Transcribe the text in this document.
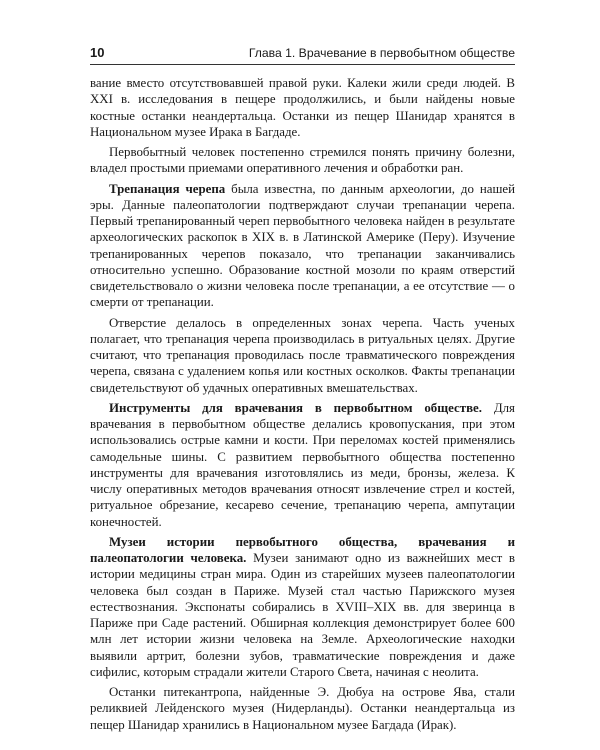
10	Глава 1. Врачевание в первобытном обществе

вание вместо отсутствовавшей правой руки. Калеки жили среди людей. В XXI в. исследования в пещере продолжились, и были найдены новые костные останки неандертальца. Останки из пещер Шанидар хранятся в Национальном музее Ирака в Багдаде.

Первобытный человек постепенно стремился понять причину болезни, владел простыми приемами оперативного лечения и обработки ран.

Трепанация черепа была известна, по данным археологии, до нашей эры. Данные палеопатологии подтверждают случаи трепанации черепа. Первый трепанированный череп первобытного человека найден в результате археологических раскопок в XIX в. в Латинской Америке (Перу). Изучение трепанированных черепов показало, что трепанации заканчивались относительно успешно. Образование костной мозоли по краям отверстий свидетельствовало о жизни человека после трепанации, а ее отсутствие — о смерти от трепанации.

Отверстие делалось в определенных зонах черепа. Часть ученых полагает, что трепанация черепа производилась в ритуальных целях. Другие считают, что трепанация проводилась после травматического повреждения черепа, связана с удалением копья или костных осколков. Факты трепанации свидетельствуют об удачных оперативных вмешательствах.

Инструменты для врачевания в первобытном обществе. Для врачевания в первобытном обществе делались кровопускания, при этом использовались острые камни и кости. При переломах костей применялись самодельные шины. С развитием первобытного общества постепенно инструменты для врачевания изготовлялись из меди, бронзы, железа. К числу оперативных методов врачевания относят извлечение стрел и костей, ритуальное обрезание, кесарево сечение, трепанацию черепа, ампутации конечностей.

Музеи истории первобытного общества, врачевания и палеопатологии человека. Музеи занимают одно из важнейших мест в истории медицины стран мира. Один из старейших музеев палеопатологии человека был создан в Париже. Музей стал частью Парижского музея естествознания. Экспонаты собирались в XVIII–XIX вв. для зверинца в Париже при Саде растений. Обширная коллекция демонстрирует более 600 млн лет истории жизни человека на Земле. Археологические находки выявили артрит, болезни зубов, травматические повреждения и даже сифилис, которым страдали жители Старого Света, начиная с неолита.

Останки питекантропа, найденные Э. Дюбуа на острове Ява, стали реликвией Лейденского музея (Нидерланды). Останки неандертальца из пещер Шанидар хранились в Национальном музее Багдада (Ирак).
